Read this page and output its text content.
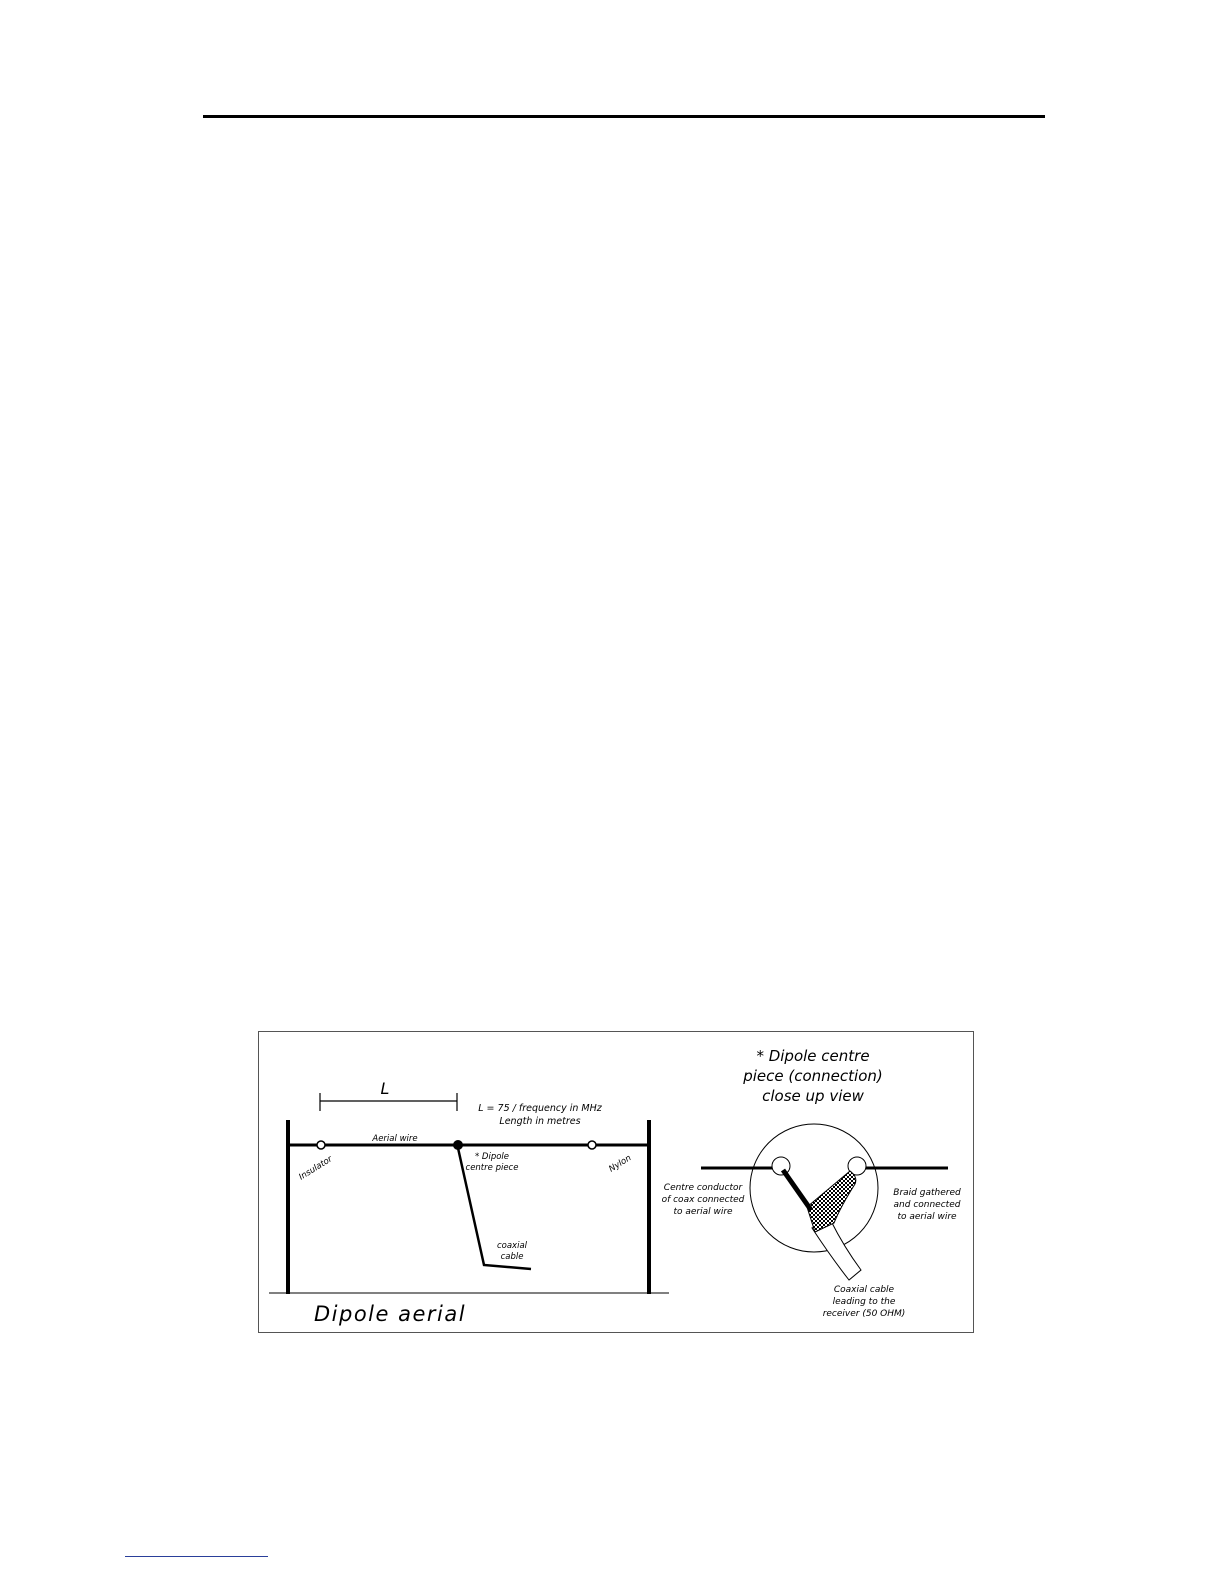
L
L = 75 / frequency in MHz
Length in metres
Aerial wire
Insulator	Nylon
* Dipole
centre piece
coaxial
cable
Dipole aerial
* Dipole centre
piece (connection)
close up view
Centre conductor
of coax connected
to aerial wire
Braid gathered
and connected
to aerial wire
Coaxial cable
leading to the
receiver (50 OHM)
